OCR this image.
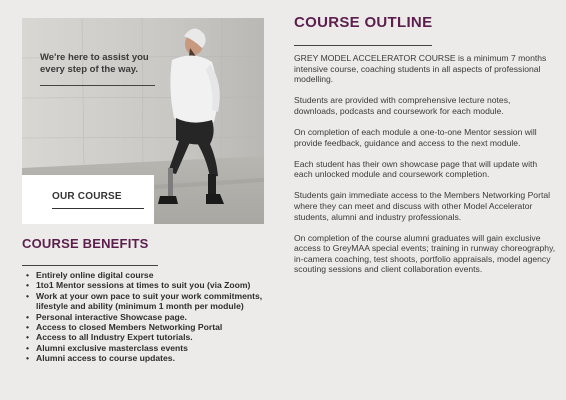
We're here to assist you every step of the way.
OUR COURSE
COURSE BENEFITS
• Entirely online digital course
• 1to1 Mentor sessions at times to suit you (via Zoom)
• Work at your own pace to suit your work commitments, lifestyle and ability (minimum 1 month per module)
• Personal interactive Showcase page.
• Access to closed Members Networking Portal
• Access to all Industry Expert tutorials.
• Alumni exclusive masterclass events
• Alumni access to course updates.
COURSE OUTLINE

GREY MODEL ACCELERATOR COURSE is a minimum 7 months intensive course, coaching students in all aspects of professional modelling.

Students are provided with comprehensive lecture notes, downloads, podcasts and coursework for each module.

On completion of each module a one-to-one Mentor session will provide feedback, guidance and access to the next module.

Each student has their own showcase page that will update with each unlocked module and coursework completion.

Students gain immediate access to the Members Networking Portal where they can meet and discuss with other Model Accelerator students, alumni and industry professionals.

On completion of the course alumni graduates will gain exclusive access to GreyMAA special events; training in runway choreography, in-camera coaching, test shoots, portfolio appraisals, model agency scouting sessions and client collaboration events.
